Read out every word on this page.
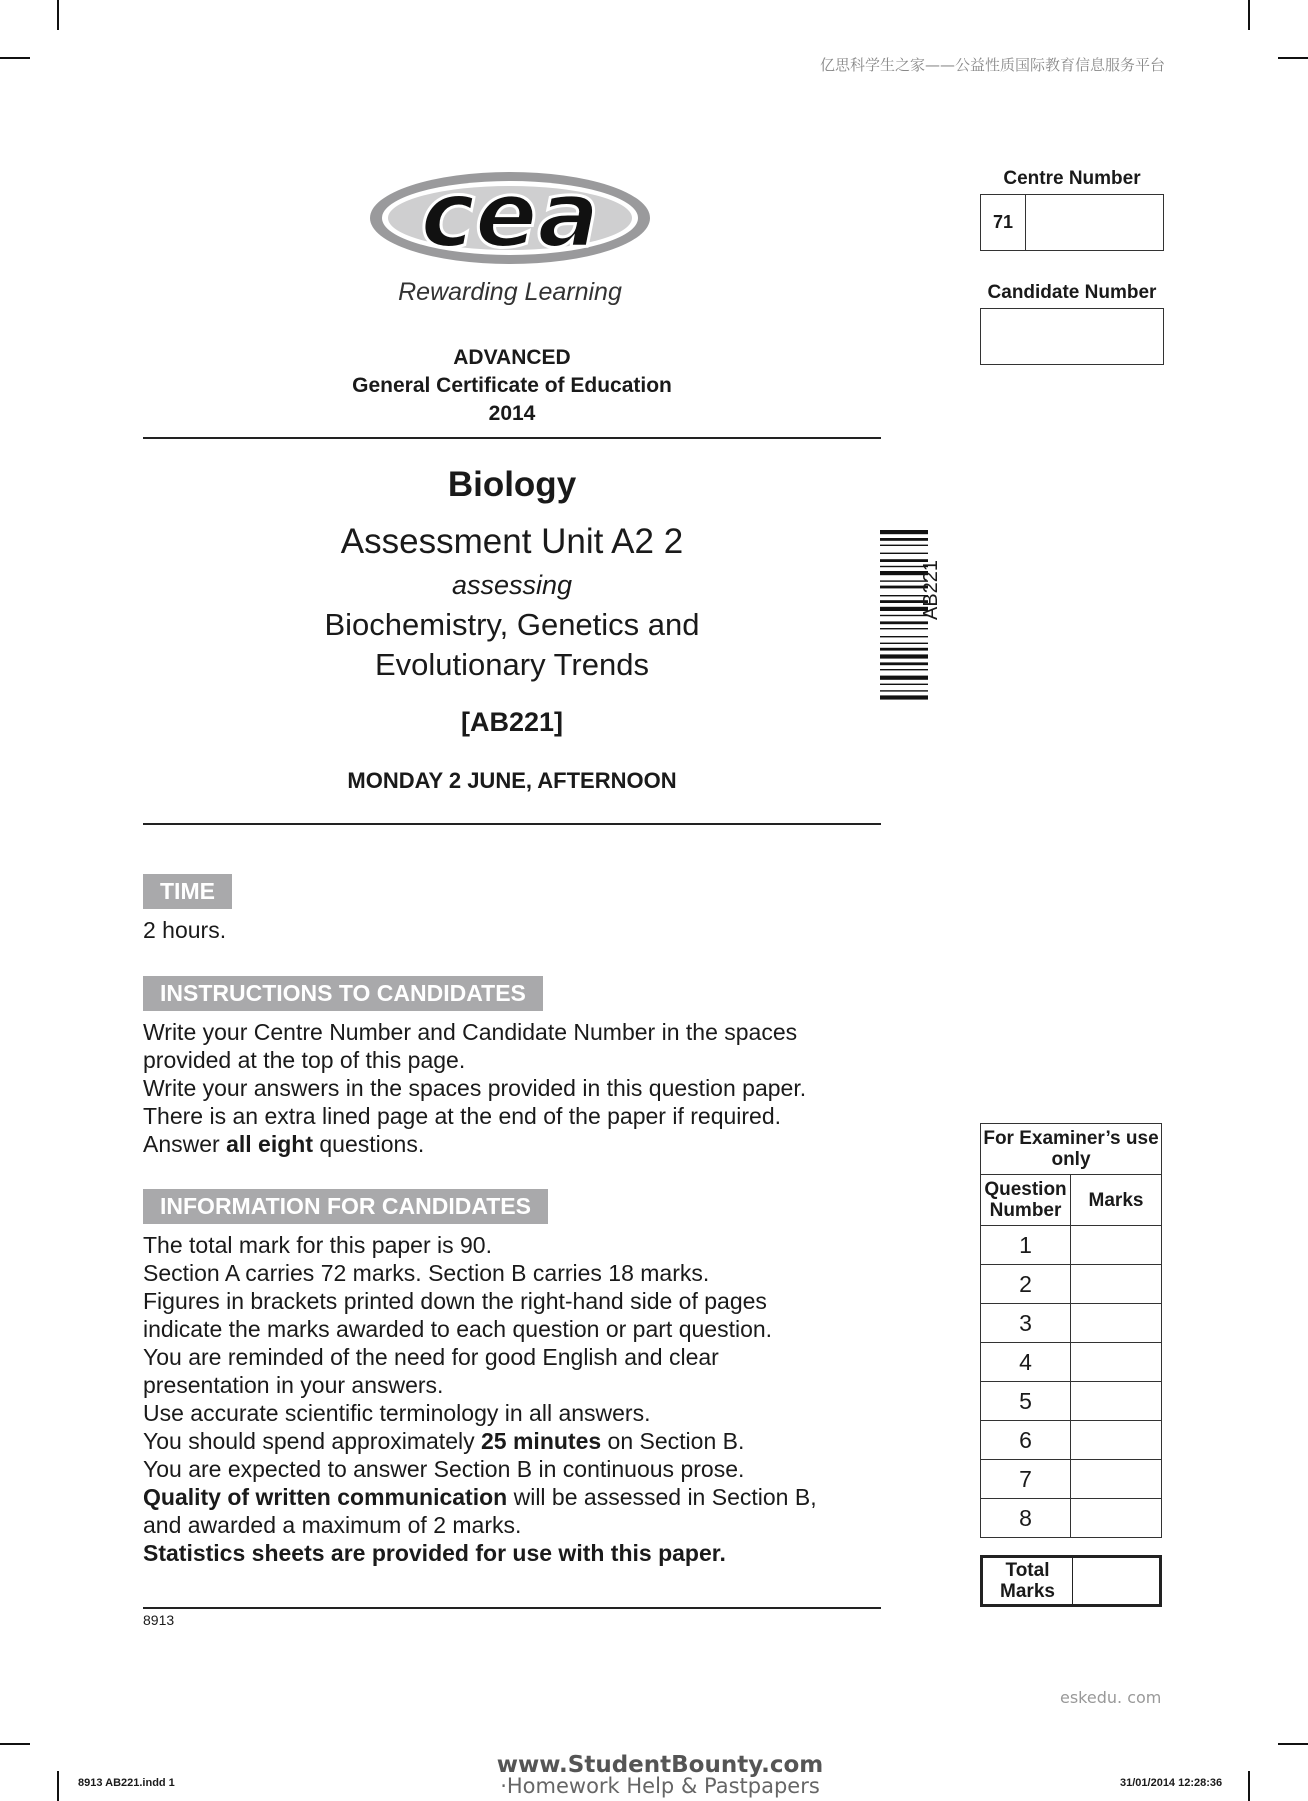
亿思科学生之家——公益性质国际教育信息服务平台
cea
Rewarding Learning
ADVANCED
General Certificate of Education
2014
Biology
Assessment Unit A2 2
assessing
Biochemistry, Genetics and
Evolutionary Trends
[AB221]
MONDAY 2 JUNE, AFTERNOON
AB221
Centre Number
71
Candidate Number
TIME
2 hours.
INSTRUCTIONS TO CANDIDATES

Write your Centre Number and Candidate Number in the spaces

provided at the top of this page.

Write your answers in the spaces provided in this question paper.

There is an extra lined page at the end of the paper if required.

Answer all eight questions.

INFORMATION FOR CANDIDATES

The total mark for this paper is 90.

Section A carries 72 marks. Section B carries 18 marks.

Figures in brackets printed down the right-hand side of pages

indicate the marks awarded to each question or part question.

You are reminded of the need for good English and clear

presentation in your answers.

Use accurate scientific terminology in all answers.

You should spend approximately 25 minutes on Section B.

You are expected to answer Section B in continuous prose.

Quality of written communication will be assessed in Section B,

and awarded a maximum of 2 marks.

Statistics sheets are provided for use with this paper.

8913
For Examiner’s use only	
Question Number	Marks
1	
2	
3	
4	
5	
6	
7	
8	
Total Marks
eskedu. com
www.StudentBounty.com
·Homework Help & Pastpapers
8913 AB221.indd 1	31/01/2014 12:28:36
